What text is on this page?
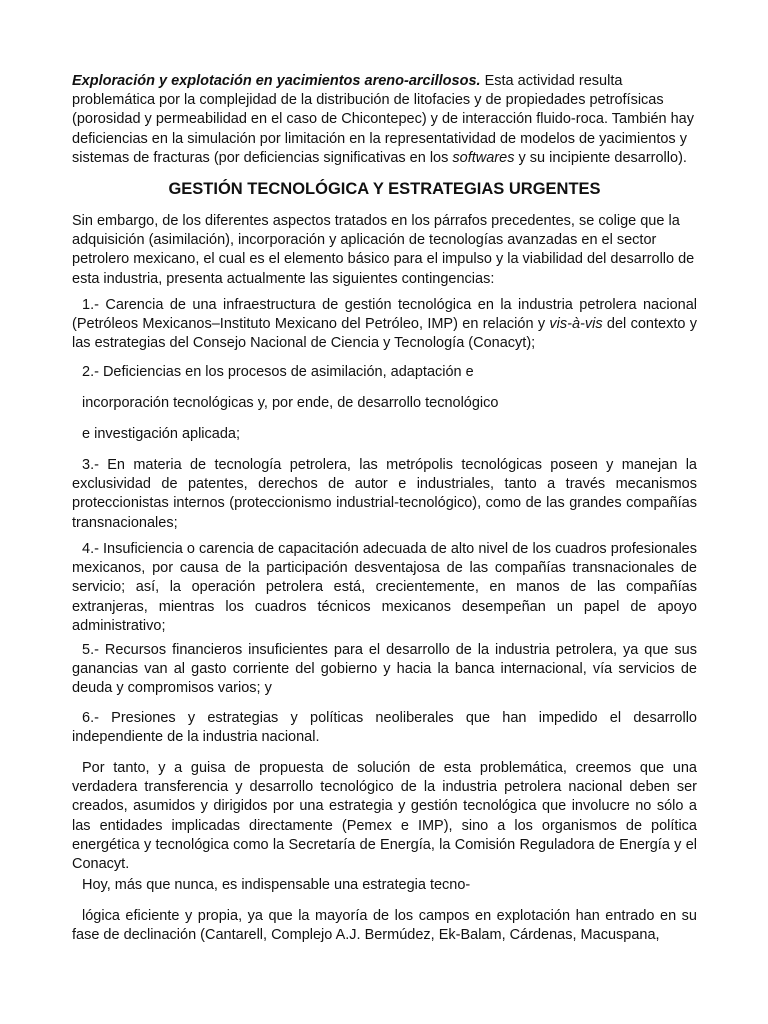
Exploración y explotación en yacimientos areno-arcillosos. Esta actividad resulta problemática por la complejidad de la distribución de litofacies y de propiedades petrofísicas (porosidad y permeabilidad en el caso de Chicontepec) y de interacción fluido-roca. También hay deficiencias en la simulación por limitación en la representatividad de modelos de yacimientos y sistemas de fracturas (por deficiencias significativas en los softwares y su incipiente desarrollo).

GESTIÓN TECNOLÓGICA Y ESTRATEGIAS URGENTES

Sin embargo, de los diferentes aspectos tratados en los párrafos precedentes, se colige que la adquisición (asimilación), incorporación y aplicación de tecnologías avanzadas en el sector petrolero mexicano, el cual es el elemento básico para el impulso y la viabilidad del desarrollo de esta industria, presenta actualmente las siguientes contingencias:

1.- Carencia de una infraestructura de gestión tecnológica en la industria petrolera nacional (Petróleos Mexicanos–Instituto Mexicano del Petróleo, IMP) en relación y vis-à-vis del contexto y las estrategias del Consejo Nacional de Ciencia y Tecnología (Conacyt);

2.- Deficiencias en los procesos de asimilación, adaptación e

incorporación tecnológicas y, por ende, de desarrollo tecnológico

e investigación aplicada;

3.- En materia de tecnología petrolera, las metrópolis tecnológicas poseen y manejan la exclusividad de patentes, derechos de autor e industriales, tanto a través mecanismos proteccionistas internos (proteccionismo industrial-tecnológico), como de las grandes compañías transnacionales;

4.- Insuficiencia o carencia de capacitación adecuada de alto nivel de los cuadros profesionales mexicanos, por causa de la participación desventajosa de las compañías transnacionales de servicio; así, la operación petrolera está, crecientemente, en manos de las compañías extranjeras, mientras los cuadros técnicos mexicanos desempeñan un papel de apoyo administrativo;

5.- Recursos financieros insuficientes para el desarrollo de la industria petrolera, ya que sus ganancias van al gasto corriente del gobierno y hacia la banca internacional, vía servicios de deuda y compromisos varios; y

6.- Presiones y estrategias y políticas neoliberales que han impedido el desarrollo independiente de la industria nacional.

Por tanto, y a guisa de propuesta de solución de esta problemática, creemos que una verdadera transferencia y desarrollo tecnológico de la industria petrolera nacional deben ser creados, asumidos y dirigidos por una estrategia y gestión tecnológica que involucre no sólo a las entidades implicadas directamente (Pemex e IMP), sino a los organismos de política energética y tecnológica como la Secretaría de Energía, la Comisión Reguladora de Energía y el Conacyt.

Hoy, más que nunca, es indispensable una estrategia tecno-

lógica eficiente y propia, ya que la mayoría de los campos en explotación han entrado en su fase de declinación (Cantarell, Complejo A.J. Bermúdez, Ek-Balam, Cárdenas, Macuspana,
